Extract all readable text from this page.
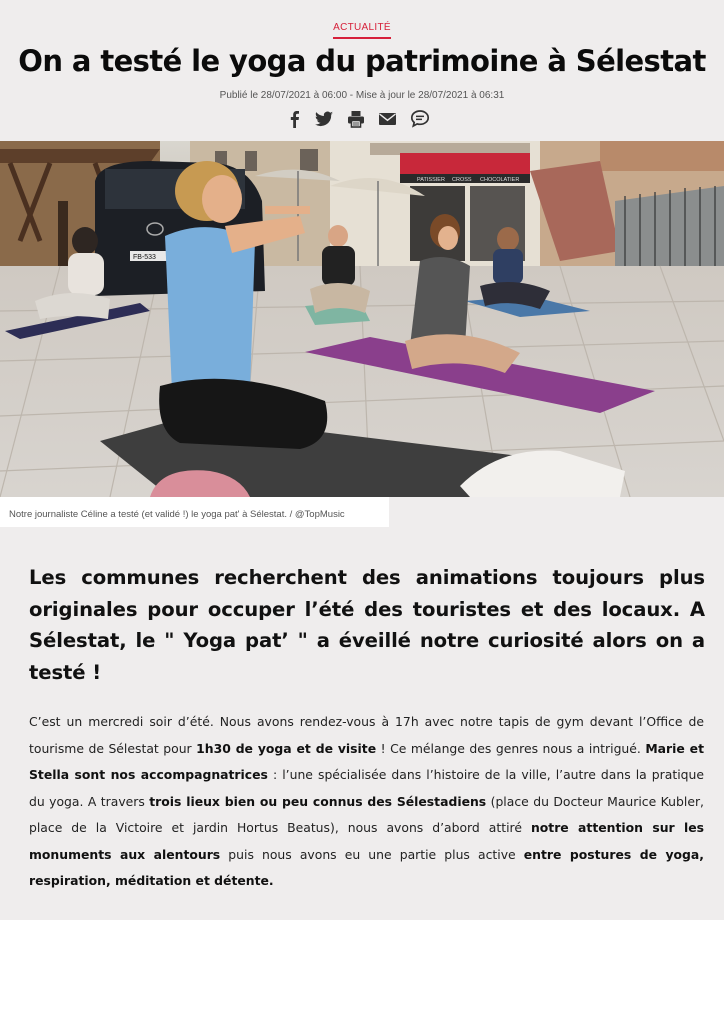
ACTUALITÉ
On a testé le yoga du patrimoine à Sélestat
Publié le 28/07/2021 à 06:00 - Mise à jour le 28/07/2021 à 06:31
PATISSIER CROSS CHOCOLATIER
FB-533
Notre journaliste Céline a testé (et validé !) le yoga pat' à Sélestat. / @TopMusic

Les communes recherchent des animations toujours plus originales pour occuper l’été des touristes et des locaux. A Sélestat, le " Yoga pat’ " a éveillé notre curiosité alors on a testé !

C’est un mercredi soir d’été. Nous avons rendez-vous à 17h avec notre tapis de gym devant l’Office de tourisme de Sélestat pour 1h30 de yoga et de visite ! Ce mélange des genres nous a intrigué. Marie et Stella sont nos accompagnatrices : l’une spécialisée dans l’histoire de la ville, l’autre dans la pratique du yoga. A travers trois lieux bien ou peu connus des Sélestadiens (place du Docteur Maurice Kubler, place de la Victoire et jardin Hortus Beatus), nous avons d’abord attiré notre attention sur les monuments aux alentours puis nous avons eu une partie plus active entre postures de yoga, respiration, méditation et détente.
